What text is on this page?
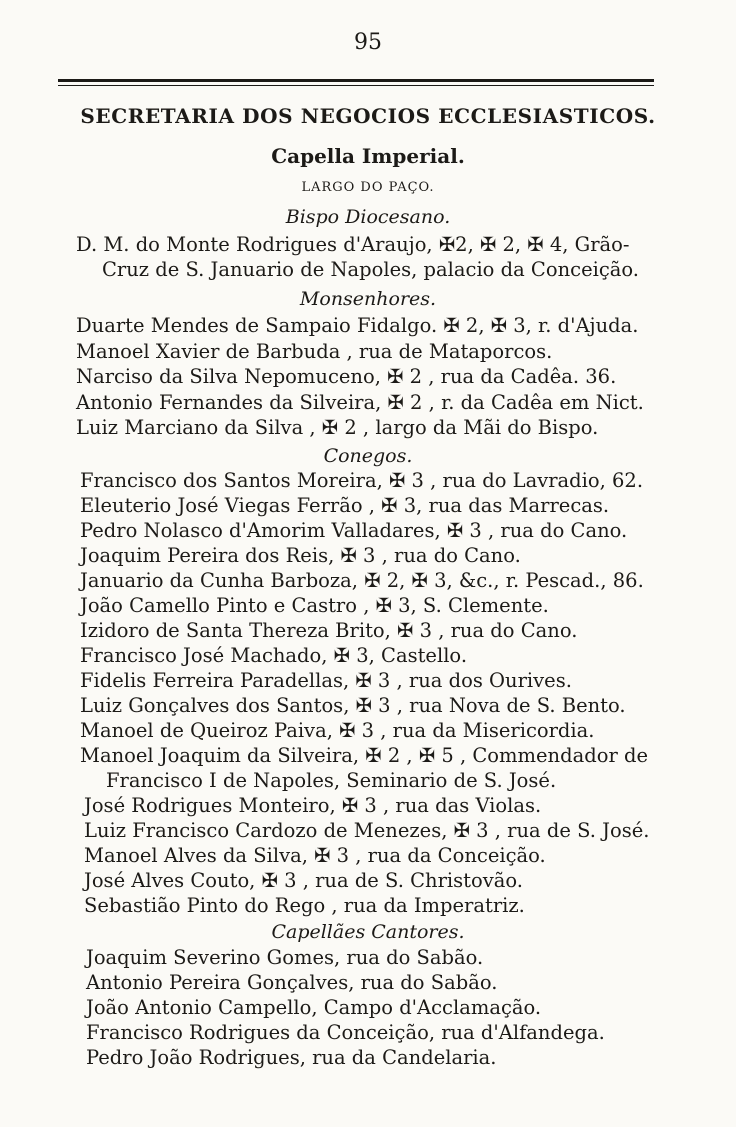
95
SECRETARIA DOS NEGOCIOS ECCLESIASTICOS.
Capella Imperial.
LARGO DO PAÇO.
Bispo Diocesano.
D. M. do Monte Rodrigues d'Araujo, ✠2, ✠ 2, ✠ 4, Grão-
Cruz de S. Januario de Napoles, palacio da Conceição.
Monsenhores.
Duarte Mendes de Sampaio Fidalgo. ✠ 2, ✠ 3, r. d'Ajuda.
Manoel Xavier de Barbuda , rua de Mataporcos.
Narciso da Silva Nepomuceno, ✠ 2 , rua da Cadêa. 36.
Antonio Fernandes da Silveira, ✠ 2 , r. da Cadêa em Nict.
Luiz Marciano da Silva , ✠ 2 , largo da Mãi do Bispo.
Conegos.
Francisco dos Santos Moreira, ✠ 3 , rua do Lavradio, 62.
Eleuterio José Viegas Ferrão , ✠ 3, rua das Marrecas.
Pedro Nolasco d'Amorim Valladares, ✠ 3 , rua do Cano.
Joaquim Pereira dos Reis, ✠ 3 , rua do Cano.
Januario da Cunha Barboza, ✠ 2, ✠ 3, &c., r. Pescad., 86.
João Camello Pinto e Castro , ✠ 3, S. Clemente.
Izidoro de Santa Thereza Brito, ✠ 3 , rua do Cano.
Francisco José Machado, ✠ 3, Castello.
Fidelis Ferreira Paradellas, ✠ 3 , rua dos Ourives.
Luiz Gonçalves dos Santos, ✠ 3 , rua Nova de S. Bento.
Manoel de Queiroz Paiva, ✠ 3 , rua da Misericordia.
Manoel Joaquim da Silveira, ✠ 2 , ✠ 5 , Commendador de
Francisco I de Napoles, Seminario de S. José.
José Rodrigues Monteiro, ✠ 3 , rua das Violas.
Luiz Francisco Cardozo de Menezes, ✠ 3 , rua de S. José.
Manoel Alves da Silva, ✠ 3 , rua da Conceição.
José Alves Couto, ✠ 3 , rua de S. Christovão.
Sebastião Pinto do Rego , rua da Imperatriz.
Capellães Cantores.
Joaquim Severino Gomes, rua do Sabão.
Antonio Pereira Gonçalves, rua do Sabão.
João Antonio Campello, Campo d'Acclamação.
Francisco Rodrigues da Conceição, rua d'Alfandega.
Pedro João Rodrigues, rua da Candelaria.
